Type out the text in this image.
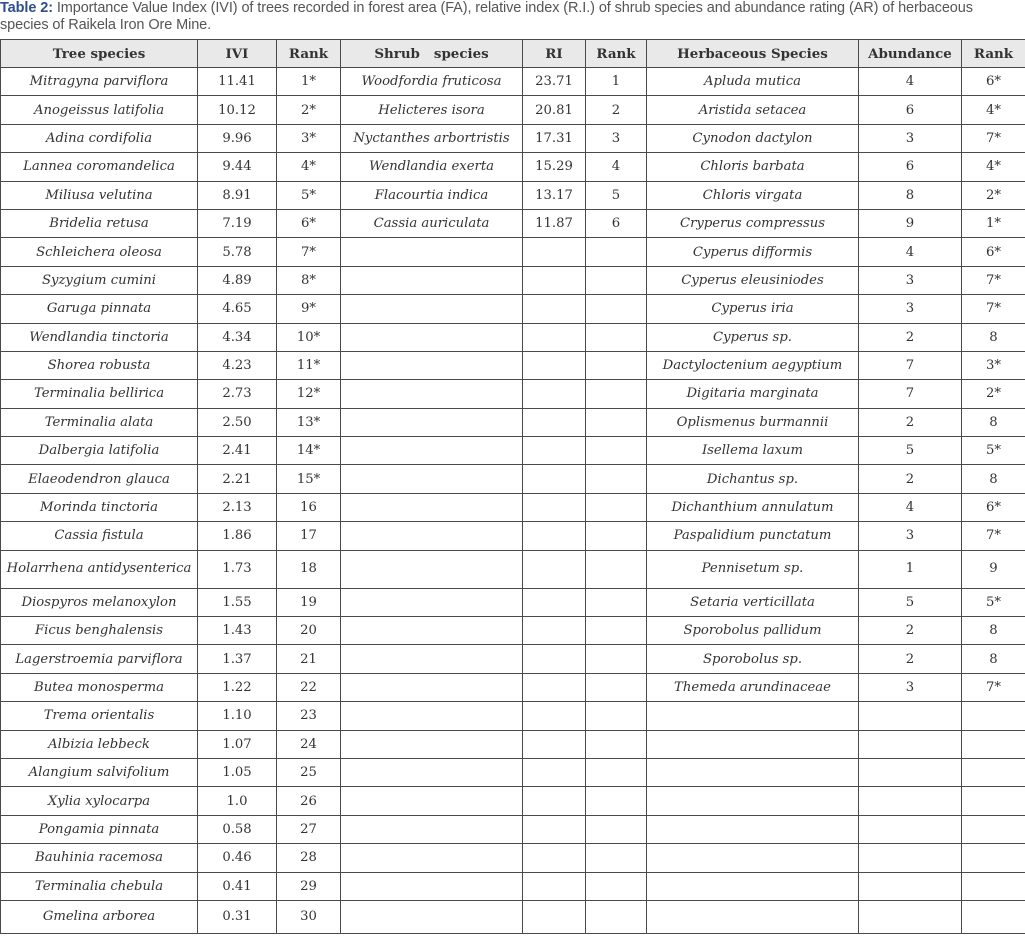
Table 2: Importance Value Index (IVI) of trees recorded in forest area (FA), relative index (R.I.) of shrub species and abundance rating (AR) of herbaceous species of Raikela Iron Ore Mine.
Tree species	IVI	Rank	Shrub   species	RI	Rank	Herbaceous Species	Abundance	Rank
Mitragyna parviflora	11.41	1*	Woodfordia fruticosa	23.71	1	Apluda mutica	4	6*
Anogeissus latifolia	10.12	2*	Helicteres isora	20.81	2	Aristida setacea	6	4*
Adina cordifolia	9.96	3*	Nyctanthes arbortristis	17.31	3	Cynodon dactylon	3	7*
Lannea coromandelica	9.44	4*	Wendlandia exerta	15.29	4	Chloris barbata	6	4*
Miliusa velutina	8.91	5*	Flacourtia indica	13.17	5	Chloris virgata	8	2*
Bridelia retusa	7.19	6*	Cassia auriculata	11.87	6	Cryperus compressus	9	1*
Schleichera oleosa	5.78	7*				Cyperus difformis	4	6*
Syzygium cumini	4.89	8*				Cyperus eleusiniodes	3	7*
Garuga pinnata	4.65	9*				Cyperus iria	3	7*
Wendlandia tinctoria	4.34	10*				Cyperus sp.	2	8
Shorea robusta	4.23	11*				Dactyloctenium aegyptium	7	3*
Terminalia bellirica	2.73	12*				Digitaria marginata	7	2*
Terminalia alata	2.50	13*				Oplismenus burmannii	2	8
Dalbergia latifolia	2.41	14*				Isellema laxum	5	5*
Elaeodendron glauca	2.21	15*				Dichantus sp.	2	8
Morinda tinctoria	2.13	16				Dichanthium annulatum	4	6*
Cassia fistula	1.86	17				Paspalidium punctatum	3	7*
Holarrhena antidysenterica	1.73	18				Pennisetum sp.	1	9
Diospyros melanoxylon	1.55	19				Setaria verticillata	5	5*
Ficus benghalensis	1.43	20				Sporobolus pallidum	2	8
Lagerstroemia parviflora	1.37	21				Sporobolus sp.	2	8
Butea monosperma	1.22	22				Themeda arundinaceae	3	7*
Trema orientalis	1.10	23						
Albizia lebbeck	1.07	24						
Alangium salvifolium	1.05	25						
Xylia xylocarpa	1.0	26						
Pongamia pinnata	0.58	27						
Bauhinia racemosa	0.46	28						
Terminalia chebula	0.41	29						
Gmelina arborea	0.31	30						
